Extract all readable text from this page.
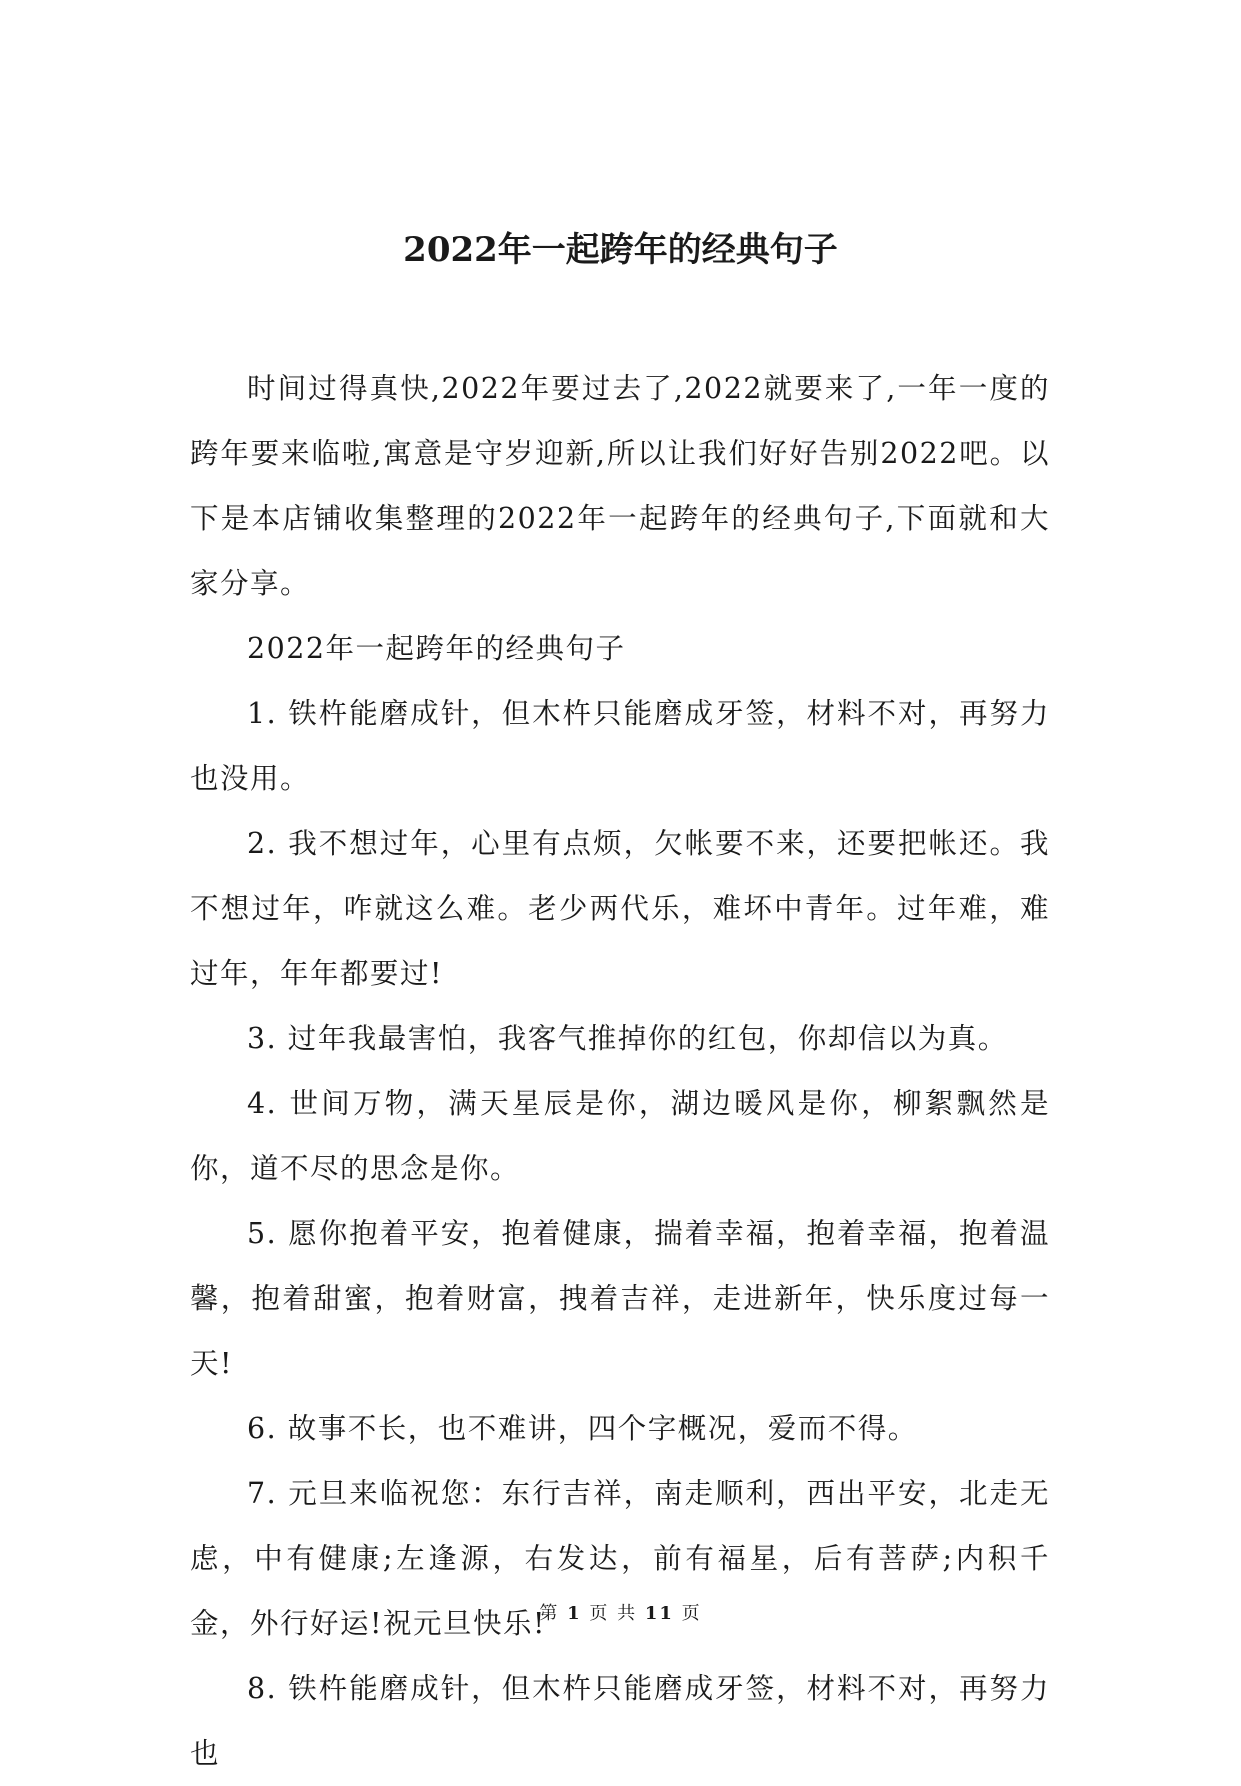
2022年一起跨年的经典句子

时间过得真快,2022年要过去了,2022就要来了,一年一度的跨年要来临啦,寓意是守岁迎新,所以让我们好好告别2022吧。以下是本店铺收集整理的2022年一起跨年的经典句子,下面就和大家分享。

2022年一起跨年的经典句子

1. 铁杵能磨成针，但木杵只能磨成牙签，材料不对，再努力也没用。

2. 我不想过年，心里有点烦，欠帐要不来，还要把帐还。我不想过年，咋就这么难。老少两代乐，难坏中青年。过年难，难过年，年年都要过!

3. 过年我最害怕，我客气推掉你的红包，你却信以为真。

4. 世间万物，满天星辰是你，湖边暖风是你，柳絮飘然是你，道不尽的思念是你。

5. 愿你抱着平安，抱着健康，揣着幸福，抱着幸福，抱着温馨，抱着甜蜜，抱着财富，拽着吉祥，走进新年，快乐度过每一天!

6. 故事不长，也不难讲，四个字概况，爱而不得。

7. 元旦来临祝您：东行吉祥，南走顺利，西出平安，北走无虑，中有健康;左逢源，右发达，前有福星，后有菩萨;内积千金，外行好运!祝元旦快乐!

8. 铁杵能磨成针，但木杵只能磨成牙签，材料不对，再努力也

第 1 页 共 11 页
